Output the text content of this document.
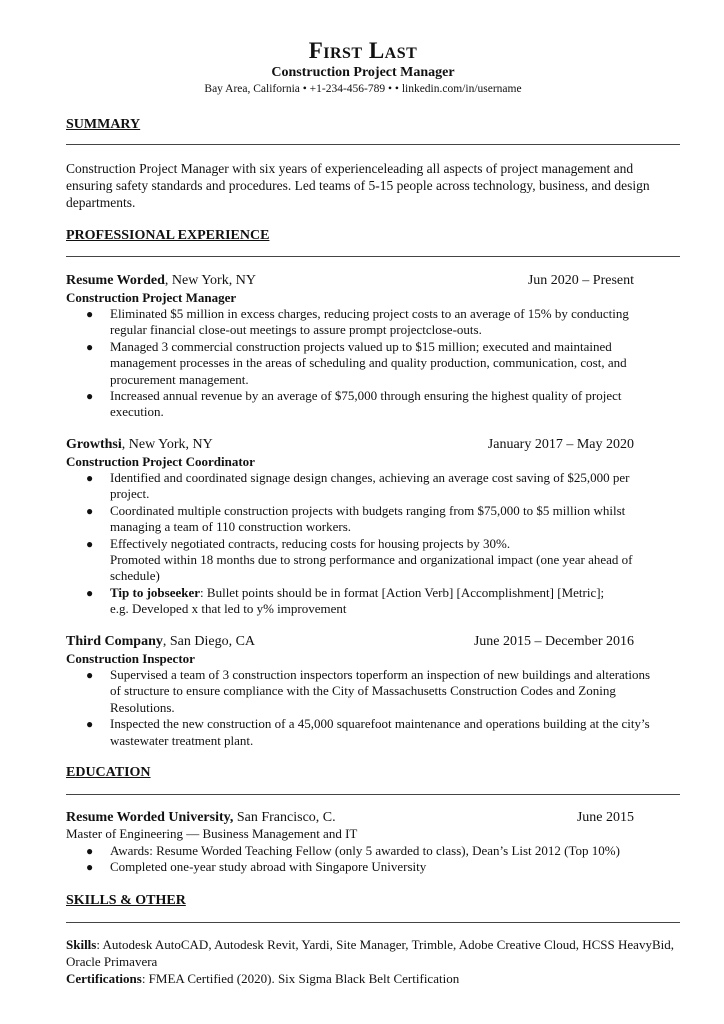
First Last
Construction Project Manager
Bay Area, California • +1-234-456-789 • • linkedin.com/in/username
SUMMARY

Construction Project Manager with six years of experienceleading all aspects of project management and ensuring safety standards and procedures. Led teams of 5-15 people across technology, business, and design departments.

PROFESSIONAL EXPERIENCE
Resume Worded, New York, NY	Jun 2020 – Present
Construction Project Manager
● Eliminated $5 million in excess charges, reducing project costs to an average of 15% by conducting regular financial close-out meetings to assure prompt projectclose-outs.
● Managed 3 commercial construction projects valued up to $15 million; executed and maintained management processes in the areas of scheduling and quality production, communication, cost, and procurement management.
● Increased annual revenue by an average of $75,000 through ensuring the highest quality of project execution.
Growthsi, New York, NY	January 2017 – May 2020
Construction Project Coordinator
● Identified and coordinated signage design changes, achieving an average cost saving of $25,000 per project.
● Coordinated multiple construction projects with budgets ranging from $75,000 to $5 million whilst managing a team of 110 construction workers.
● Effectively negotiated contracts, reducing costs for housing projects by 30%.
Promoted within 18 months due to strong performance and organizational impact (one year ahead of schedule)
● Tip to jobseeker: Bullet points should be in format [Action Verb] [Accomplishment] [Metric];
e.g. Developed x that led to y% improvement
Third Company, San Diego, CA	June 2015 – December 2016
Construction Inspector
● Supervised a team of 3 construction inspectors toperform an inspection of new buildings and alterations of structure to ensure compliance with the City of Massachusetts Construction Codes and Zoning Resolutions.
● Inspected the new construction of a 45,000 squarefoot maintenance and operations building at the city’s wastewater treatment plant.
EDUCATION
Resume Worded University, San Francisco, C.	June 2015
Master of Engineering — Business Management and IT
● Awards: Resume Worded Teaching Fellow (only 5 awarded to class), Dean’s List 2012 (Top 10%)
● Completed one-year study abroad with Singapore University
SKILLS & OTHER
Skills: Autodesk AutoCAD, Autodesk Revit, Yardi, Site Manager, Trimble, Adobe Creative Cloud, HCSS HeavyBid, Oracle Primavera
Certifications: FMEA Certified (2020). Six Sigma Black Belt Certification
